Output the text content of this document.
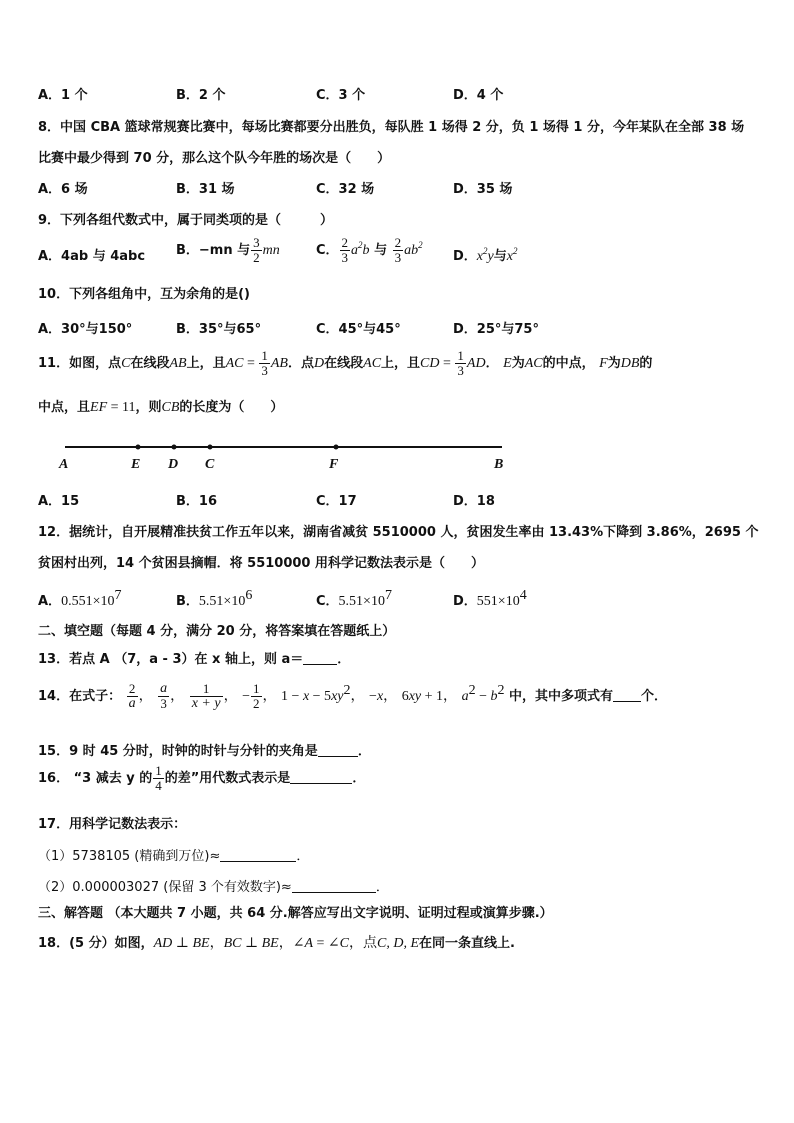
A．1 个	B．2 个	C．3 个	D．4 个
8．中国 CBA 篮球常规赛比赛中，每场比赛都要分出胜负，每队胜 1 场得 2 分，负 1 场得 1 分，今年某队在全部 38 场
比赛中最少得到 70 分，那么这个队今年胜的场次是（　　）
A．6 场	B．31 场	C．32 场	D．35 场
9．下列各组代数式中，属于同类项的是（　　　）
A．4ab 与 4abc B．−mn 与 $\frac{3}{2}$ mn	C． $\frac{2}{3} a^2b$ 与 $\frac{2}{3} ab^2$
D．$x^2y$与$x^2$
10．下列各组角中，互为余角的是()
A．30°与150°	B．35°与65°	C．45°与45°	D．25°与75°
11．如图，点C在线段AB上，且AC = $\frac{1}{3}$ AB．点D在线段AC上，且CD = $\frac{1}{3}$ AD． E为AC的中点， F为DB的
中点，且EF = 11，则CB的长度为（　　）
A	E D C	F	B
A．15	B．16	C．17	D．18
12．据统计，自开展精准扶贫工作五年以来，湖南省减贫 5510000 人，贫困发生率由 13.43%下降到 3.86%，2695 个
贫困村出列，14 个贫困县摘帽．将 5510000 用科学记数法表示是（　　）
A．$0.551\times 10^7$	B．$5.51\times 10^6$	C．$5.51\times 10^7$	D．$551\times 10^4$
二、填空题（每题 4 分，满分 20 分，将答案填在答题纸上）
13．若点 A （7，a - 3）在 x 轴上，则 a＝	．
14．在式子： $\frac{2}{a}$ ， $\frac{a}{3}$ ， $\frac{1}{x + y}$ ， − $\frac{1}{2}$ ， $1 - x - 5xy^2$， −x， 6xy + 1， $a^2 - b^2$ 中，其中多项式有 个．
15．9 时 45 分时，时钟的时针与分针的夹角是	．
16． “3 减去 y 的 $\frac{1}{4}$ 的差”用代数式表示是	．
17．用科学记数法表示：
（1）5738105 (精确到万位)≈	．
（2）0.000003027 (保留 3 个有效数字)≈	．
三、解答题 （本大题共 7 小题，共 64 分.解答应写出文字说明、证明过程或演算步骤.）
18．(5 分）如图，AD ⊥ BE，BC ⊥ BE，∠A = ∠C，点C, D, E在同一条直线上.
